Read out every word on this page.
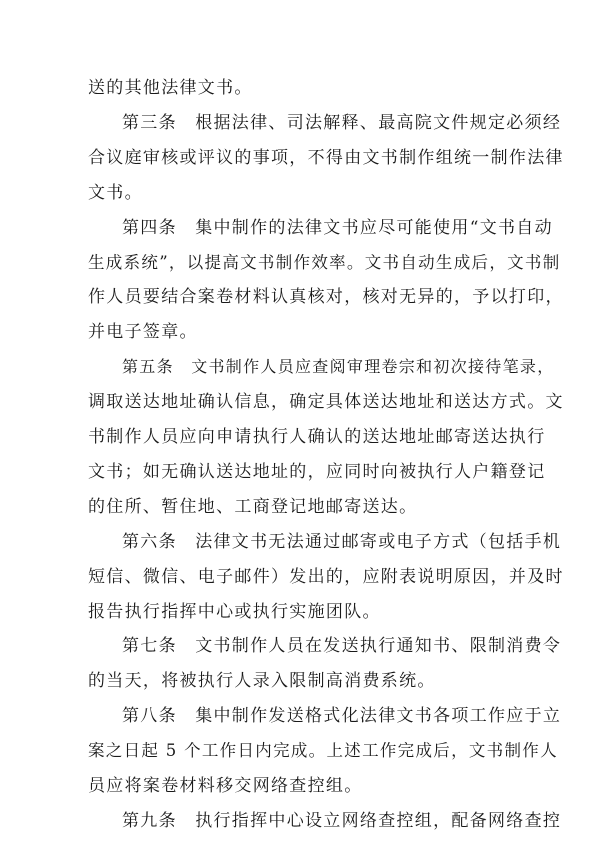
送的其他法律文书。
第三条　根据法律、司法解释、最高院文件规定必须经
合议庭审核或评议的事项，不得由文书制作组统一制作法律
文书。
第四条　集中制作的法律文书应尽可能使用“文书自动
生成系统”，以提高文书制作效率。文书自动生成后，文书制
作人员要结合案卷材料认真核对，核对无异的，予以打印，
并电子签章。
第五条　文书制作人员应查阅审理卷宗和初次接待笔录，
调取送达地址确认信息，确定具体送达地址和送达方式。文
书制作人员应向申请执行人确认的送达地址邮寄送达执行
文书；如无确认送达地址的，应同时向被执行人户籍登记
的住所、暂住地、工商登记地邮寄送达。
第六条　法律文书无法通过邮寄或电子方式（包括手机
短信、微信、电子邮件）发出的，应附表说明原因，并及时
报告执行指挥中心或执行实施团队。
第七条　文书制作人员在发送执行通知书、限制消费令
的当天，将被执行人录入限制高消费系统。
第八条　集中制作发送格式化法律文书各项工作应于立
案之日起 5 个工作日内完成。上述工作完成后，文书制作人
员应将案卷材料移交网络查控组。
第九条　执行指挥中心设立网络查控组，配备网络查控
